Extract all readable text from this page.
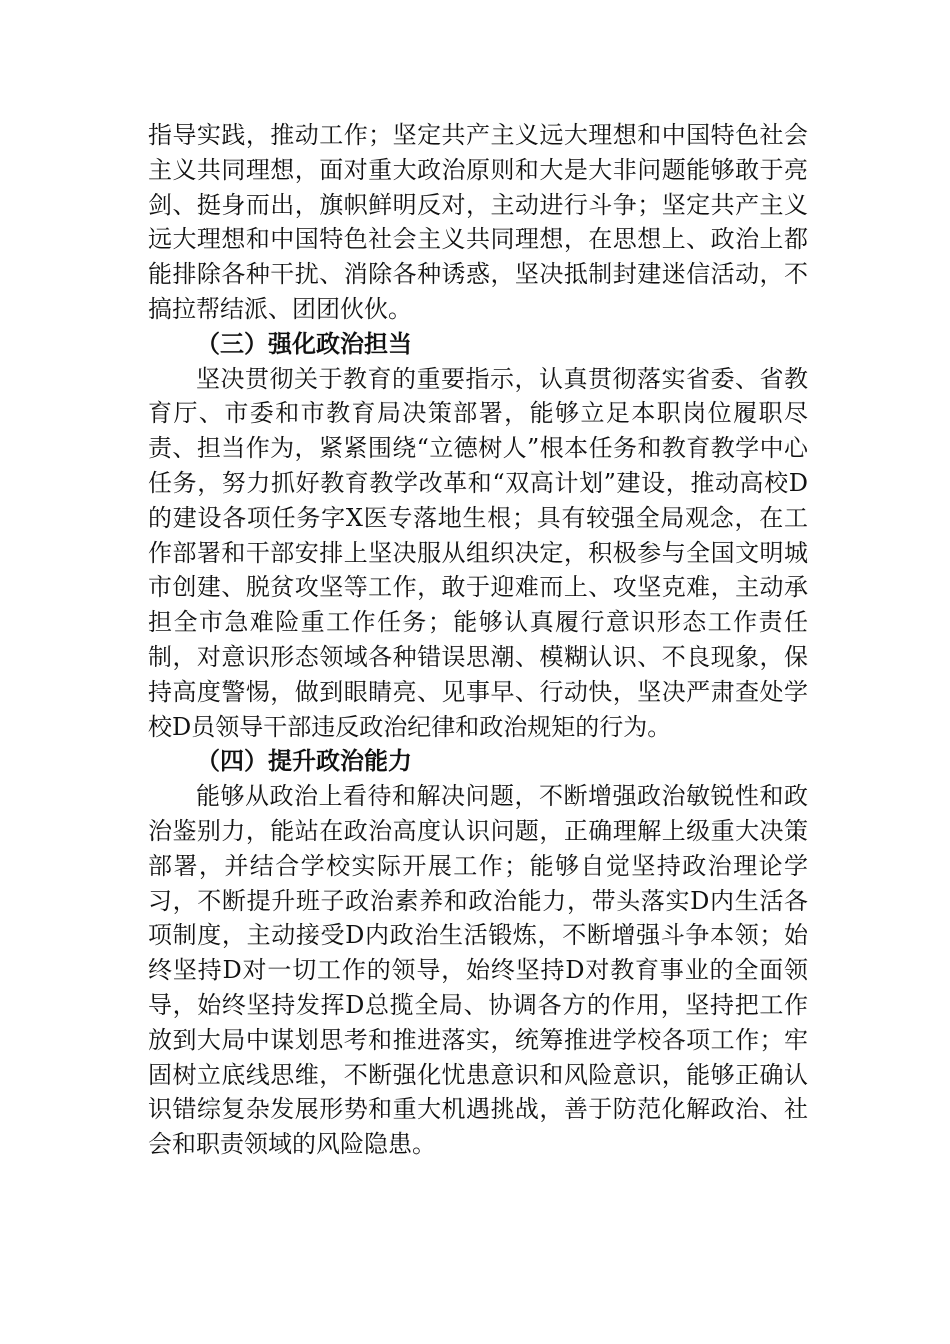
指导实践，推动工作；坚定共产主义远大理想和中国特色社会主义共同理想，面对重大政治原则和大是大非问题能够敢于亮剑、挺身而出，旗帜鲜明反对，主动进行斗争；坚定共产主义远大理想和中国特色社会主义共同理想，在思想上、政治上都能排除各种干扰、消除各种诱惑，坚决抵制封建迷信活动，不搞拉帮结派、团团伙伙。

（三）强化政治担当

坚决贯彻关于教育的重要指示，认真贯彻落实省委、省教育厅、市委和市教育局决策部署，能够立足本职岗位履职尽责、担当作为，紧紧围绕“立德树人”根本任务和教育教学中心任务，努力抓好教育教学改革和“双高计划”建设，推动高校D的建设各项任务字X医专落地生根；具有较强全局观念，在工作部署和干部安排上坚决服从组织决定，积极参与全国文明城市创建、脱贫攻坚等工作，敢于迎难而上、攻坚克难，主动承担全市急难险重工作任务；能够认真履行意识形态工作责任制，对意识形态领域各种错误思潮、模糊认识、不良现象，保持高度警惕，做到眼睛亮、见事早、行动快，坚决严肃查处学校D员领导干部违反政治纪律和政治规矩的行为。

（四）提升政治能力

能够从政治上看待和解决问题，不断增强政治敏锐性和政治鉴别力，能站在政治高度认识问题，正确理解上级重大决策部署，并结合学校实际开展工作；能够自觉坚持政治理论学习，不断提升班子政治素养和政治能力，带头落实D内生活各项制度，主动接受D内政治生活锻炼，不断增强斗争本领；始终坚持D对一切工作的领导，始终坚持D对教育事业的全面领导，始终坚持发挥D总揽全局、协调各方的作用，坚持把工作放到大局中谋划思考和推进落实，统筹推进学校各项工作；牢固树立底线思维，不断强化忧患意识和风险意识，能够正确认识错综复杂发展形势和重大机遇挑战，善于防范化解政治、社会和职责领域的风险隐患。
